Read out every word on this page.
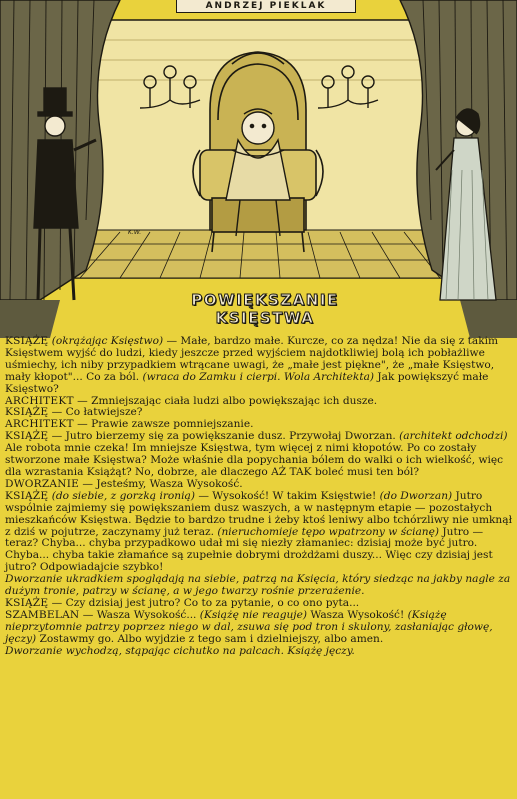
ANDRZEJ PIEKLAK
K.W.
POWIĘKSZANIE
KSIĘSTWA

KSIĄŻĘ (okrążając Księstwo) — Małe, bardzo małe. Kurcze, co za nędza! Nie da się z takim Księstwem wyjść do ludzi, kiedy jeszcze przed wyjściem najdotkliwiej bolą ich pobłażliwe uśmiechy, ich niby przypadkiem wtrącane uwagi, że „małe jest piękne", że „małe Księstwo, mały kłopot"... Co za ból. (wraca do Zamku i cierpi. Wola Architekta) Jak powiększyć małe Księstwo?

ARCHITEKT — Zmniejszając ciała ludzi albo powiększając ich dusze.

KSIĄŻĘ — Co łatwiejsze?

ARCHITEKT — Prawie zawsze pomniejszanie.

KSIĄŻĘ — Jutro bierzemy się za powiększanie dusz. Przywołaj Dworzan. (architekt odchodzi) Ale robota mnie czeka! Im mniejsze Księstwa, tym więcej z nimi kłopotów. Po co zostały stworzone małe Księstwa? Może właśnie dla popychania bólem do walki o ich wielkość, więc dla wzrastania Książąt? No, dobrze, ale dlaczego AŻ TAK boleć musi ten ból?

DWORZANIE — Jesteśmy, Wasza Wysokość.

KSIĄŻĘ (do siebie, z gorzką ironią) — Wysokość! W takim Księstwie! (do Dworzan) Jutro wspólnie zajmiemy się powiększaniem dusz waszych, a w następnym etapie — pozostałych mieszkańców Księstwa. Będzie to bardzo trudne i żeby ktoś leniwy albo tchórzliwy nie umknął z dziś w pojutrze, zaczynamy już teraz. (nieruchomieje tępo wpatrzony w ścianę) Jutro — teraz? Chyba... chyba przypadkowo udał mi się niezły złamaniec: dzisiaj może być jutro. Chyba... chyba takie złamańce są zupełnie dobrymi drożdżami duszy... Więc czy dzisiaj jest jutro? Odpowiadajcie szybko!

Dworzanie ukradkiem spoglądają na siebie, patrzą na Księcia, który siedząc na jakby nagle za dużym tronie, patrzy w ścianę, a w jego twarzy rośnie przerażenie.

KSIĄŻĘ — Czy dzisiaj jest jutro? Co to za pytanie, o co ono pyta...

SZAMBELAN — Wasza Wysokość... (Książę nie reaguje) Wasza Wysokość! (Książę nieprzytomnie patrzy poprzez niego w dal, zsuwa się pod tron i skulony, zasłaniając głowę, jęczy) Zostawmy go. Albo wyjdzie z tego sam i dzielniejszy, albo amen.

Dworzanie wychodzą, stąpając cichutko na palcach. Książę jęczy.
